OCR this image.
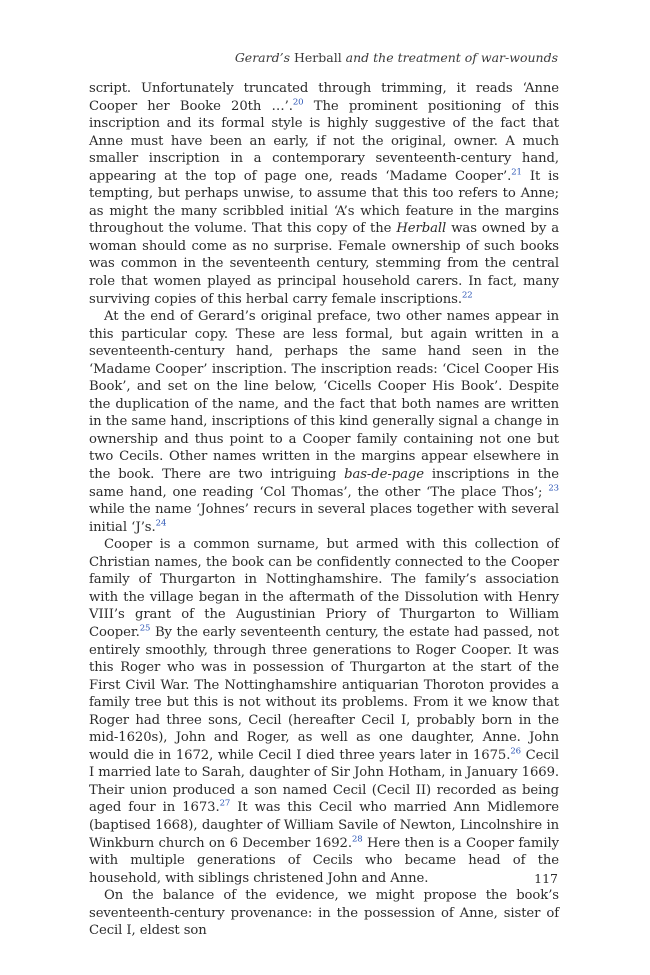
Gerard’s Herball and the treatment of war-wounds

script. Unfortunately truncated through trimming, it reads ‘Anne Cooper her Booke 20th …’.$^{20}$ The prominent positioning of this inscription and its formal style is highly suggestive of the fact that Anne must have been an early, if not the original, owner. A much smaller inscription in a contemporary seventeenth-century hand, appearing at the top of page one, reads ‘Madame Cooper’.$^{21}$ It is tempting, but perhaps unwise, to assume that this too refers to Anne; as might the many scribbled initial ‘A’s which feature in the margins throughout the volume. That this copy of the Herball was owned by a woman should come as no surprise. Female ownership of such books was common in the seventeenth century, stemming from the central role that women played as principal household carers. In fact, many surviving copies of this herbal carry female inscriptions.$^{22}$

At the end of Gerard’s original preface, two other names appear in this particular copy. These are less formal, but again written in a seventeenth-century hand, perhaps the same hand seen in the ‘Madame Cooper’ inscription. The inscription reads: ‘Cicel Cooper His Book’, and set on the line below, ‘Cicells Cooper His Book’. Despite the duplication of the name, and the fact that both names are written in the same hand, inscriptions of this kind generally signal a change in ownership and thus point to a Cooper family containing not one but two Cecils. Other names written in the margins appear elsewhere in the book. There are two intriguing bas-de-page inscriptions in the same hand, one reading ‘Col Thomas’, the other ‘The place Thos’; $^{23}$ while the name ‘Johnes’ recurs in several places together with several initial ‘J’s.$^{24}$

Cooper is a common surname, but armed with this collection of Christian names, the book can be confidently connected to the Cooper family of Thurgarton in Nottinghamshire. The family’s association with the village began in the aftermath of the Dissolution with Henry VIII’s grant of the Augustinian Priory of Thurgarton to William Cooper.$^{25}$ By the early seventeenth century, the estate had passed, not entirely smoothly, through three generations to Roger Cooper. It was this Roger who was in possession of Thurgarton at the start of the First Civil War. The Nottinghamshire antiquarian Thoroton provides a family tree but this is not without its problems. From it we know that Roger had three sons, Cecil (hereafter Cecil I, probably born in the mid-1620s), John and Roger, as well as one daughter, Anne. John would die in 1672, while Cecil I died three years later in 1675.26 Cecil I married late to Sarah, daughter of Sir John Hotham, in January 1669. Their union produced a son named Cecil (Cecil II) recorded as being aged four in 1673.27 It was this Cecil who married Ann Midlemore (baptised 1668), daughter of William Savile of Newton, Lincolnshire in Winkburn church on 6 December 1692.28 Here then is a Cooper family with multiple generations of Cecils who became head of the household, with siblings christened John and Anne.

On the balance of the evidence, we might propose the book’s seventeenth-century provenance: in the possession of Anne, sister of Cecil I, eldest son

117
